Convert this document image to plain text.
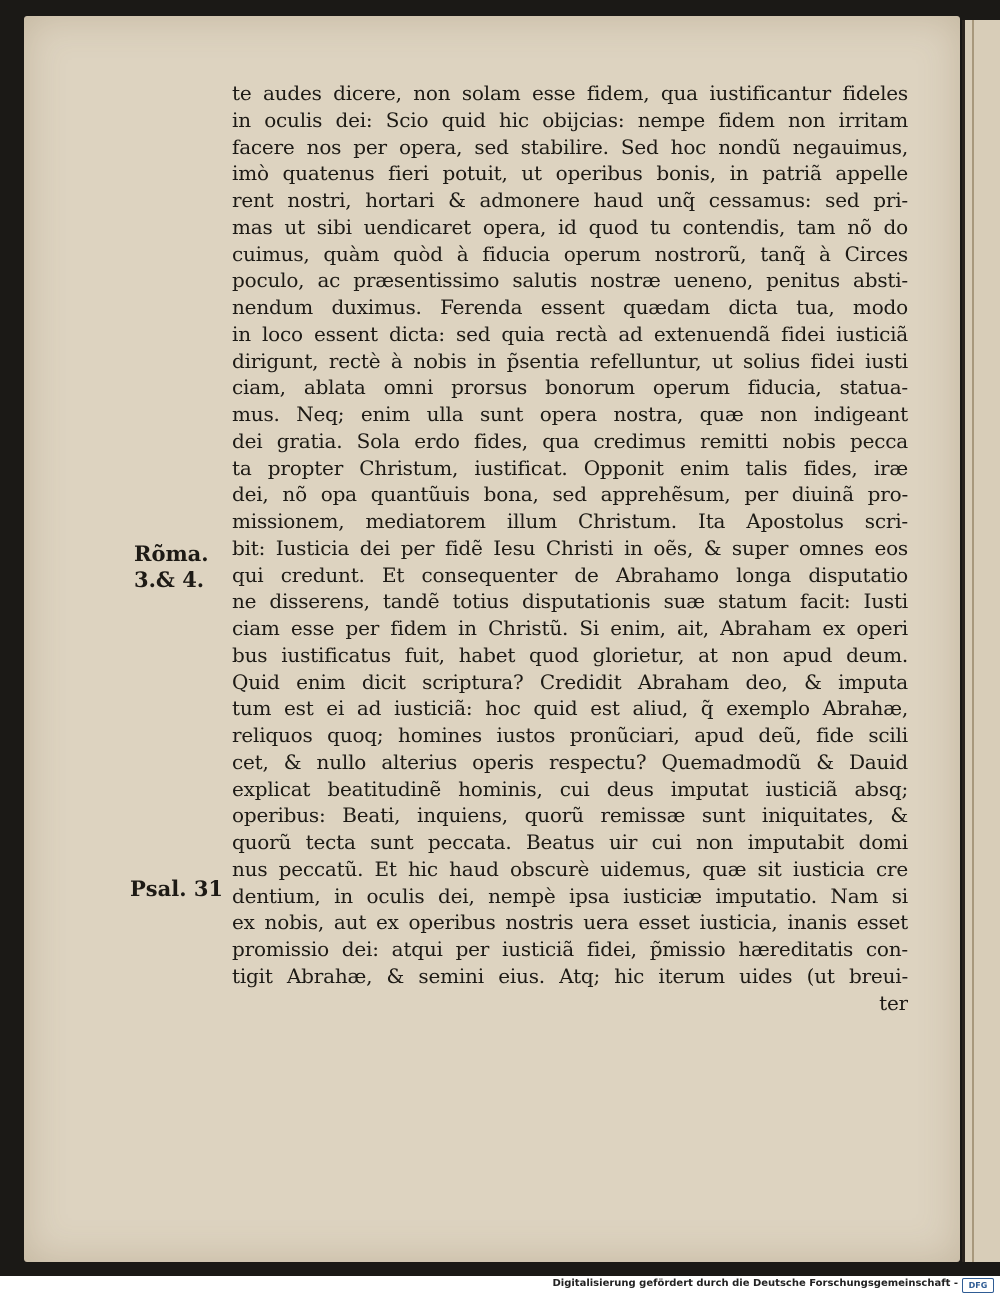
te audes dicere, non solam esse fidem, qua iustificantur fideles
in oculis dei: Scio quid hic obijcias: nempe fidem non irritam
facere nos per opera, sed stabilire. Sed hoc nondũ negauimus,
imò quatenus fieri potuit, ut operibus bonis, in patriã appelle
rent nostri, hortari & admonere haud unq̃ cessamus: sed pri-
mas ut sibi uendicaret opera, id quod tu contendis, tam nõ do
cuimus, quàm quòd à fiducia operum nostrorũ, tanq̃ à Circes
poculo, ac præsentissimo salutis nostræ ueneno, penitus absti-
nendum duximus. Ferenda essent quædam dicta tua, modo
in loco essent dicta: sed quia rectà ad extenuendã fidei iusticiã
dirigunt, rectè à nobis in p̃sentia refelluntur, ut solius fidei iusti
ciam, ablata omni prorsus bonorum operum fiducia, statua-
mus. Neq; enim ulla sunt opera nostra, quæ non indigeant
dei gratia. Sola erdo fides, qua credimus remitti nobis pecca
ta propter Christum, iustificat. Opponit enim talis fides, iræ
dei, nõ opa quantũuis bona, sed apprehẽsum, per diuinã pro-
missionem, mediatorem illum Christum. Ita Apostolus scri-
bit: Iusticia dei per fidẽ Iesu Christi in oẽs, & super omnes eos
qui credunt. Et consequenter de Abrahamo longa disputatio
ne disserens, tandẽ totius disputationis suæ statum facit: Iusti
ciam esse per fidem in Christũ. Si enim, ait, Abraham ex operi
bus iustificatus fuit, habet quod glorietur, at non apud deum.
Quid enim dicit scriptura? Credidit Abraham deo, & imputa
tum est ei ad iusticiã: hoc quid est aliud, q̃ exemplo Abrahæ,
reliquos quoq; homines iustos pronũciari, apud deũ, fide scili
cet, & nullo alterius operis respectu? Quemadmodũ & Dauid
explicat beatitudinẽ hominis, cui deus imputat iusticiã absq;
operibus: Beati, inquiens, quorũ remissæ sunt iniquitates, &
quorũ tecta sunt peccata. Beatus uir cui non imputabit domi
nus peccatũ. Et hic haud obscurè uidemus, quæ sit iusticia cre
dentium, in oculis dei, nempè ipsa iusticiæ imputatio. Nam si
ex nobis, aut ex operibus nostris uera esset iusticia, inanis esset
promissio dei: atqui per iusticiã fidei, p̃missio hæreditatis con-
tigit Abrahæ, & semini eius. Atq; hic iterum uides (ut breui-
ter
Rõma.
3.& 4.
Psal. 31
Digitalisierung gefördert durch die Deutsche Forschungsgemeinschaft -	DFG
